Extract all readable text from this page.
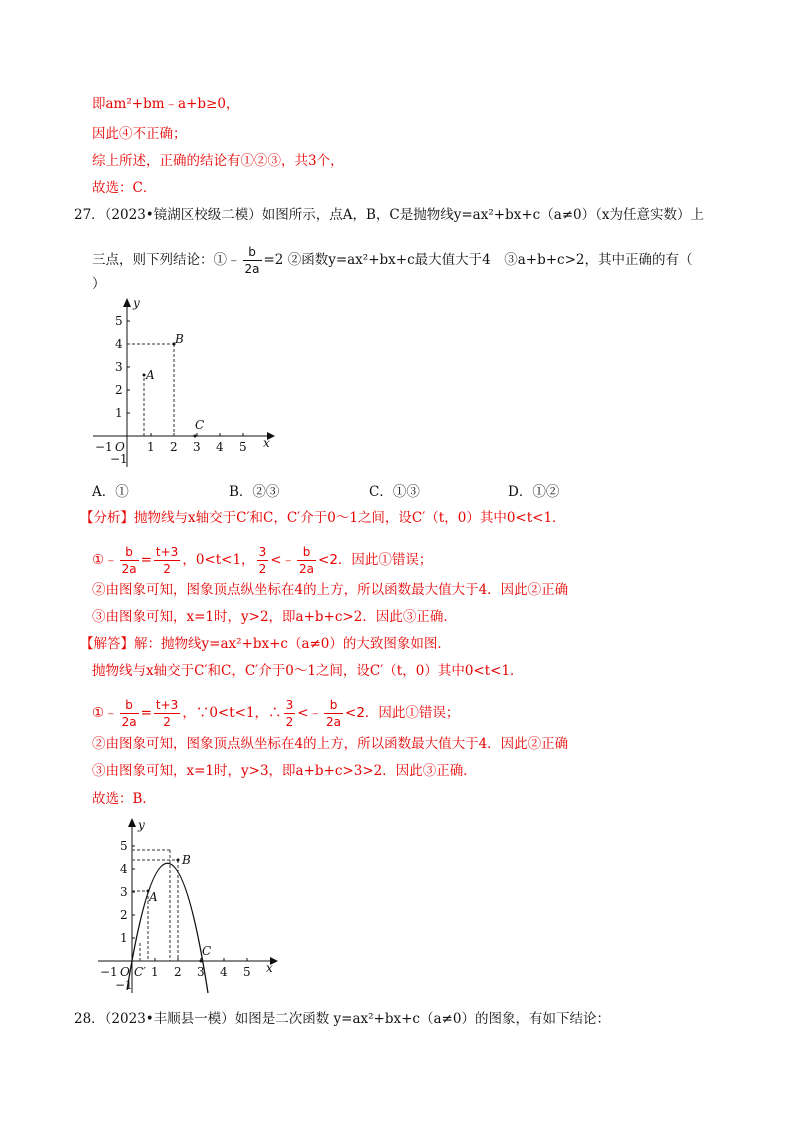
即am²+bm﹣a+b≥0，
因此④不正确；
综上所述，正确的结论有①②③，共3个，
故选：C．
27．（2023•镜湖区校级二模）如图所示，点A，B，C是抛物线y=ax²+bx+c（a≠0）（x为任意实数）上
三点，则下列结论：①﹣ $\frac{b}{2a} =2$ ②函数y=ax²+bx+c最大值大于4　③a+b+c>2，其中正确的有（
）
A
B
C
−1 O 1 2 3 4 5
5
4
3
2
1
−1
x
y
A．①	B．②③	C．①③	D．①②
【分析】抛物线与x轴交于C′和C，C′介于0～1之间，设C′（t，0）其中0<t<1．
①﹣ $\frac{b}{2a} = \frac{t+3}{2}$ ，0<t<1， $\frac{3}{2}$ <﹣ $\frac{b}{2a} <2$．因此①错误；
②由图象可知，图象顶点纵坐标在4的上方，所以函数最大值大于4．因此②正确
③由图象可知，x=1时，y>2，即a+b+c>2．因此③正确．
【解答】解：抛物线y=ax²+bx+c（a≠0）的大致图象如图．
抛物线与x轴交于C′和C，C′介于0～1之间，设C′（t，0）其中0<t<1．
①﹣ $\frac{b}{2a} = \frac{t+3}{2}$ ，∵0<t<1，∴ $\frac{3}{2}$ <﹣ $\frac{b}{2a} <2$．因此①错误；
②由图象可知，图象顶点纵坐标在4的上方，所以函数最大值大于4．因此②正确
③由图象可知，x=1时，y>3，即a+b+c>3>2．因此③正确．
故选：B．
A
B
C
−1 O C′ 1 2 3 4 5
5
4
3
2
1
−1
x
y
28．（2023•丰顺县一模）如图是二次函数 y=ax²+bx+c（a≠0）的图象，有如下结论：
